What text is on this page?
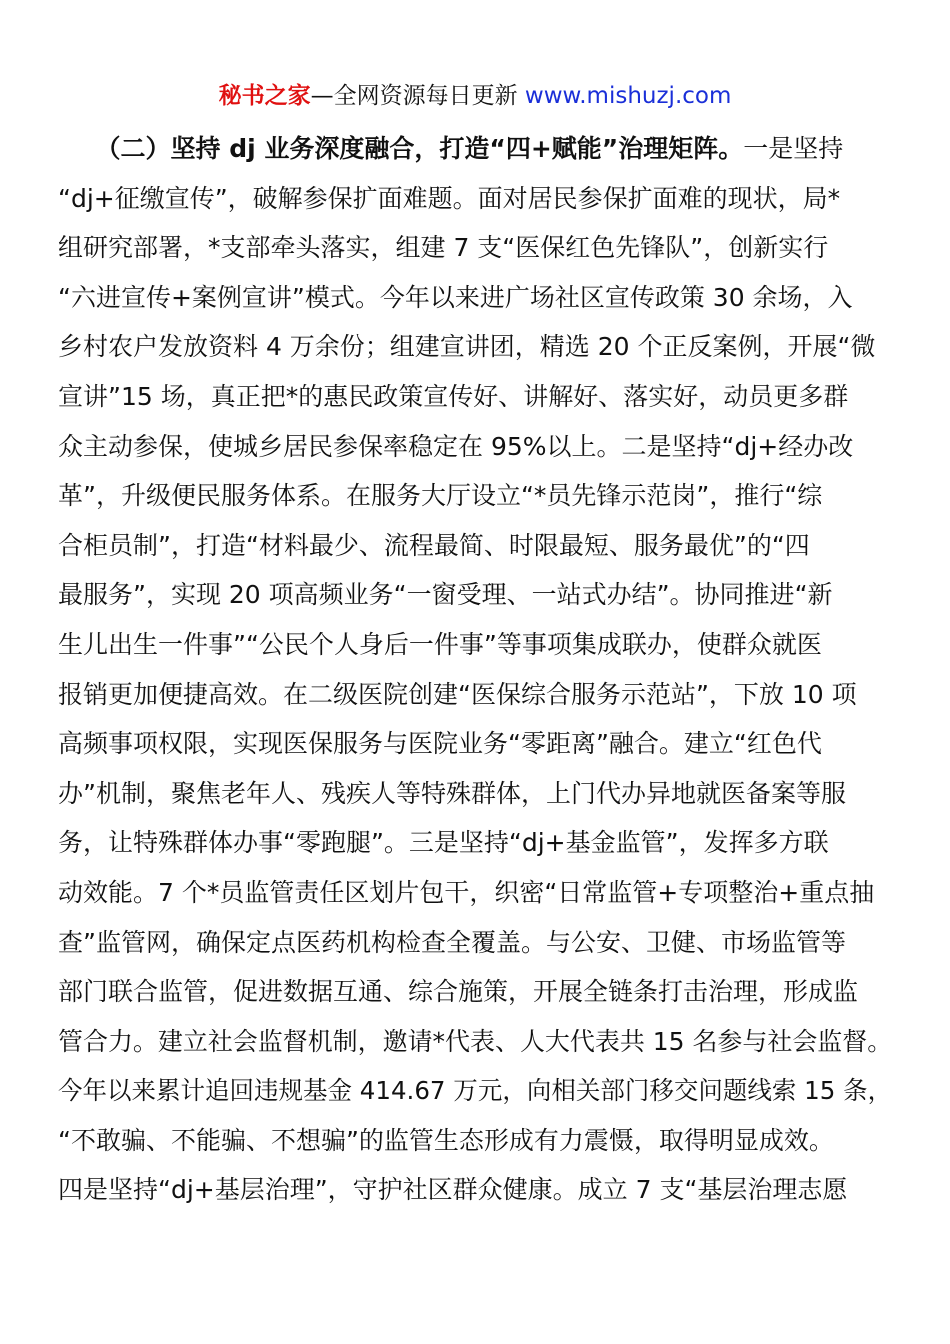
秘书之家—全网资源每日更新 www.mishuzj.com
　　（二）坚持 dj 业务深度融合，打造“四+赋能”治理矩阵。一是坚持
“dj+征缴宣传”，破解参保扩面难题。面对居民参保扩面难的现状，局*
组研究部署，*支部牵头落实，组建 7 支“医保红色先锋队”，创新实行
“六进宣传+案例宣讲”模式。今年以来进广场社区宣传政策 30 余场，入
乡村农户发放资料 4 万余份；组建宣讲团，精选 20 个正反案例，开展“微
宣讲”15 场，真正把*的惠民政策宣传好、讲解好、落实好，动员更多群
众主动参保，使城乡居民参保率稳定在 95%以上。二是坚持“dj+经办改
革”，升级便民服务体系。在服务大厅设立“*员先锋示范岗”，推行“综
合柜员制”，打造“材料最少、流程最简、时限最短、服务最优”的“四
最服务”，实现 20 项高频业务“一窗受理、一站式办结”。协同推进“新
生儿出生一件事”“公民个人身后一件事”等事项集成联办，使群众就医
报销更加便捷高效。在二级医院创建“医保综合服务示范站”，下放 10 项
高频事项权限，实现医保服务与医院业务“零距离”融合。建立“红色代
办”机制，聚焦老年人、残疾人等特殊群体，上门代办异地就医备案等服
务，让特殊群体办事“零跑腿”。三是坚持“dj+基金监管”，发挥多方联
动效能。7 个*员监管责任区划片包干，织密“日常监管+专项整治+重点抽
查”监管网，确保定点医药机构检查全覆盖。与公安、卫健、市场监管等
部门联合监管，促进数据互通、综合施策，开展全链条打击治理，形成监
管合力。建立社会监督机制，邀请*代表、人大代表共 15 名参与社会监督。
今年以来累计追回违规基金 414.67 万元，向相关部门移交问题线索 15 条，
“不敢骗、不能骗、不想骗”的监管生态形成有力震慑，取得明显成效。
四是坚持“dj+基层治理”，守护社区群众健康。成立 7 支“基层治理志愿
